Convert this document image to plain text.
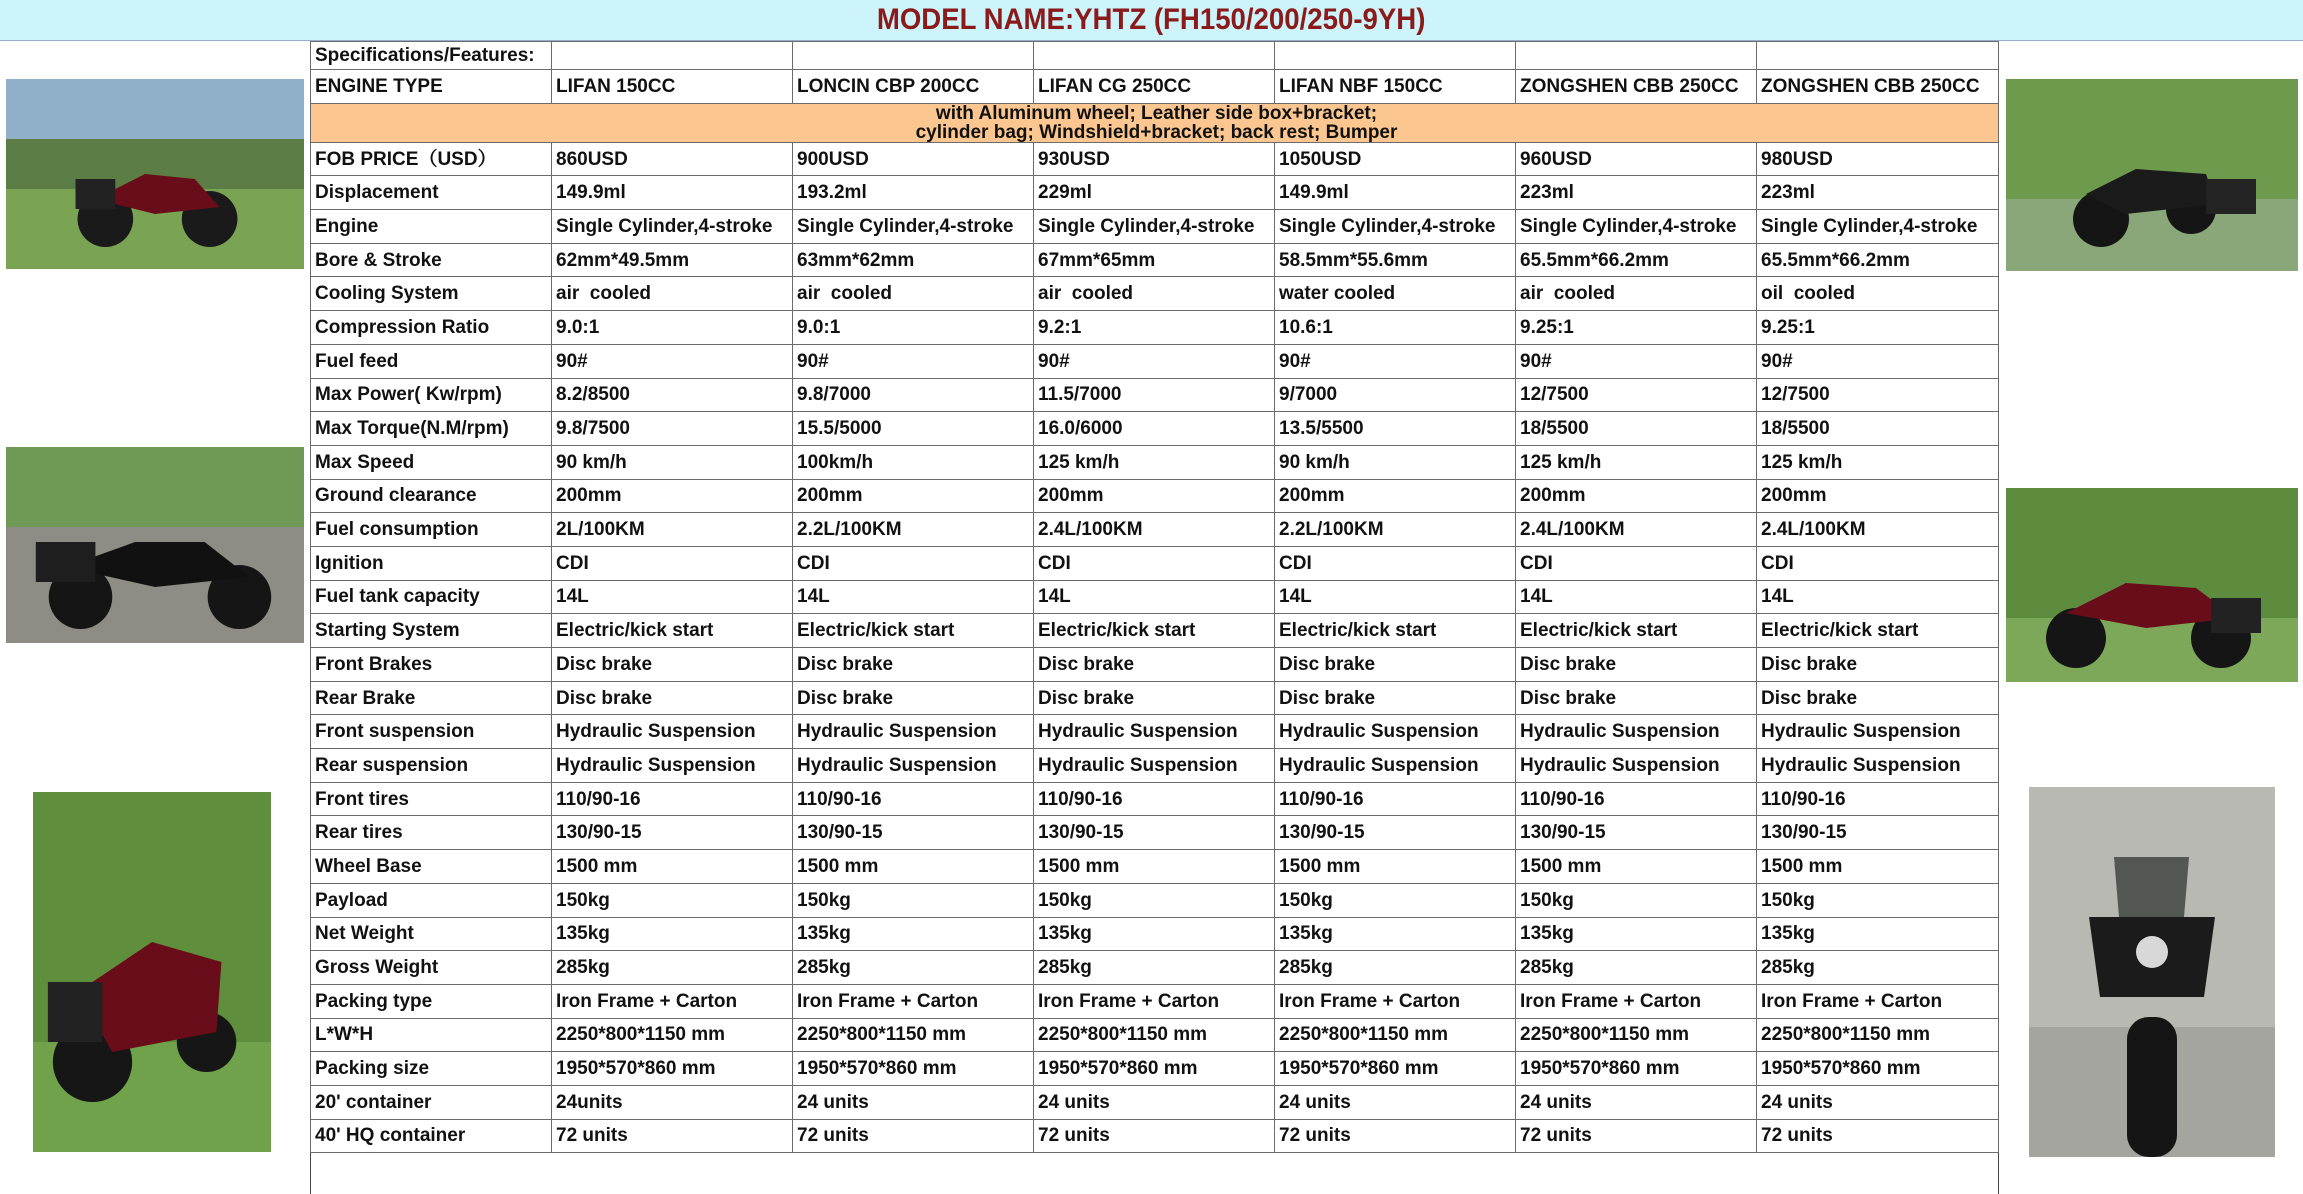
MODEL NAME:YHTZ (FH150/200/250-9YH)
Specifications/Features:						
ENGINE TYPE	LIFAN 150CC	LONCIN CBP 200CC	LIFAN CG 250CC	LIFAN NBF 150CC	ZONGSHEN CBB 250CC	ZONGSHEN CBB 250CC

with Aluminum wheel; Leather side box+bracket;
cylinder bag; Windshield+bracket; back rest; Bumper						

FOB PRICE（USD）	860USD	900USD	930USD	1050USD	960USD	980USD
Displacement	149.9ml	193.2ml	229ml	149.9ml	223ml	223ml
Engine	Single Cylinder,4-stroke	Single Cylinder,4-stroke	Single Cylinder,4-stroke	Single Cylinder,4-stroke	Single Cylinder,4-stroke	Single Cylinder,4-stroke
Bore & Stroke	62mm*49.5mm	63mm*62mm	67mm*65mm	58.5mm*55.6mm	65.5mm*66.2mm	65.5mm*66.2mm
Cooling System	air  cooled	air  cooled	air  cooled	water cooled	air  cooled	oil  cooled
Compression Ratio	9.0:1	9.0:1	9.2:1	10.6:1	9.25:1	9.25:1
Fuel feed	90#	90#	90#	90#	90#	90#
Max Power( Kw/rpm)	8.2/8500	9.8/7000	11.5/7000	9/7000	12/7500	12/7500
Max Torque(N.M/rpm)	9.8/7500	15.5/5000	16.0/6000	13.5/5500	18/5500	18/5500
Max Speed	90 km/h	100km/h	125 km/h	90 km/h	125 km/h	125 km/h
Ground clearance	200mm	200mm	200mm	200mm	200mm	200mm
Fuel consumption	2L/100KM	2.2L/100KM	2.4L/100KM	2.2L/100KM	2.4L/100KM	2.4L/100KM
Ignition	CDI	CDI	CDI	CDI	CDI	CDI
Fuel tank capacity	14L	14L	14L	14L	14L	14L
Starting System	Electric/kick start	Electric/kick start	Electric/kick start	Electric/kick start	Electric/kick start	Electric/kick start
Front Brakes	Disc brake	Disc brake	Disc brake	Disc brake	Disc brake	Disc brake
Rear Brake	Disc brake	Disc brake	Disc brake	Disc brake	Disc brake	Disc brake
Front suspension	Hydraulic Suspension	Hydraulic Suspension	Hydraulic Suspension	Hydraulic Suspension	Hydraulic Suspension	Hydraulic Suspension
Rear suspension	Hydraulic Suspension	Hydraulic Suspension	Hydraulic Suspension	Hydraulic Suspension	Hydraulic Suspension	Hydraulic Suspension
Front tires	110/90-16	110/90-16	110/90-16	110/90-16	110/90-16	110/90-16
Rear tires	130/90-15	130/90-15	130/90-15	130/90-15	130/90-15	130/90-15
Wheel Base	1500 mm	1500 mm	1500 mm	1500 mm	1500 mm	1500 mm
Payload	150kg	150kg	150kg	150kg	150kg	150kg
Net Weight	135kg	135kg	135kg	135kg	135kg	135kg
Gross Weight	285kg	285kg	285kg	285kg	285kg	285kg
Packing type	Iron Frame + Carton	Iron Frame + Carton	Iron Frame + Carton	Iron Frame + Carton	Iron Frame + Carton	Iron Frame + Carton
L*W*H	2250*800*1150 mm	2250*800*1150 mm	2250*800*1150 mm	2250*800*1150 mm	2250*800*1150 mm	2250*800*1150 mm
Packing size	1950*570*860 mm	1950*570*860 mm	1950*570*860 mm	1950*570*860 mm	1950*570*860 mm	1950*570*860 mm
20' container	24units	24 units	24 units	24 units	24 units	24 units
40' HQ container	72 units	72 units	72 units	72 units	72 units	72 units
